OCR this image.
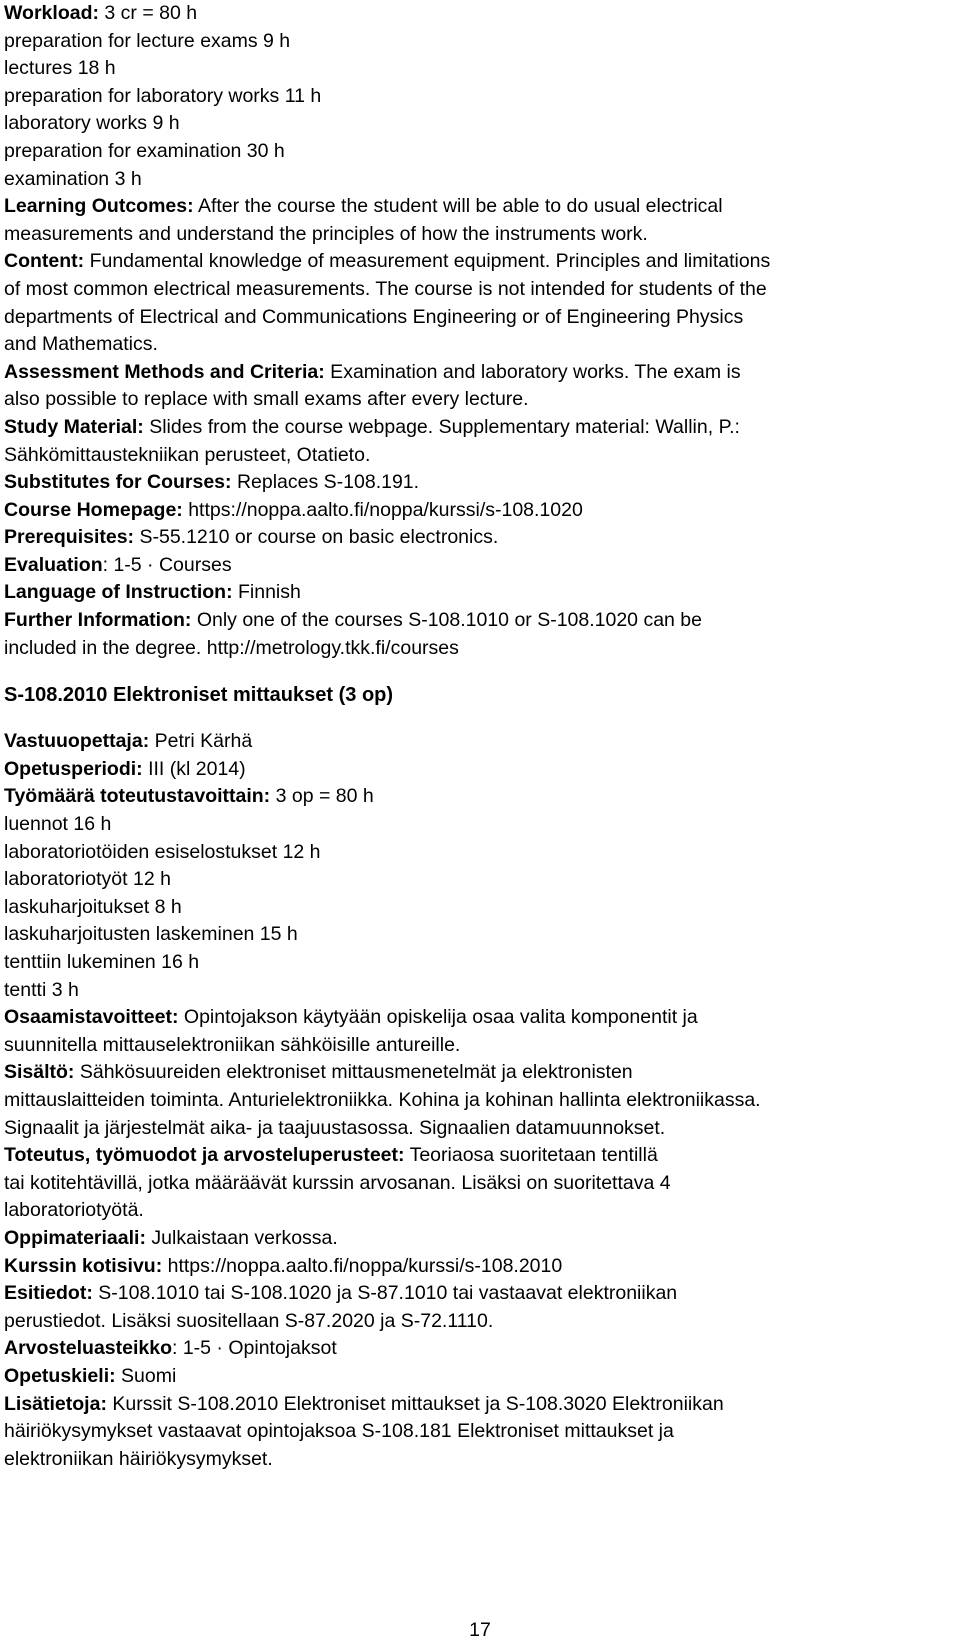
Workload: 3 cr = 80 h
preparation for lecture exams 9 h
lectures 18 h
preparation for laboratory works 11 h
laboratory works 9 h
preparation for examination 30 h
examination 3 h
Learning Outcomes: After the course the student will be able to do usual electrical
measurements and understand the principles of how the instruments work.
Content: Fundamental knowledge of measurement equipment. Principles and limitations
of most common electrical measurements. The course is not intended for students of the
departments of Electrical and Communications Engineering or of Engineering Physics
and Mathematics.
Assessment Methods and Criteria: Examination and laboratory works. The exam is
also possible to replace with small exams after every lecture.
Study Material: Slides from the course webpage. Supplementary material: Wallin, P.:
Sähkömittaustekniikan perusteet, Otatieto.
Substitutes for Courses: Replaces S-108.191.
Course Homepage: https://noppa.aalto.fi/noppa/kurssi/s-108.1020
Prerequisites: S-55.1210 or course on basic electronics.
Evaluation: 1-5 · Courses
Language of Instruction: Finnish
Further Information: Only one of the courses S-108.1010 or S-108.1020 can be
included in the degree. http://metrology.tkk.fi/courses
S-108.2010 Elektroniset mittaukset (3 op)
Vastuuopettaja: Petri Kärhä
Opetusperiodi: III (kl 2014)
Työmäärä toteutustavoittain: 3 op = 80 h
luennot 16 h
laboratoriotöiden esiselostukset 12 h
laboratoriotyöt 12 h
laskuharjoitukset 8 h
laskuharjoitusten laskeminen 15 h
tenttiin lukeminen 16 h
tentti 3 h
Osaamistavoitteet: Opintojakson käytyään opiskelija osaa valita komponentit ja
suunnitella mittauselektroniikan sähköisille antureille.
Sisältö: Sähkösuureiden elektroniset mittausmenetelmät ja elektronisten
mittauslaitteiden toiminta. Anturielektroniikka. Kohina ja kohinan hallinta elektroniikassa.
Signaalit ja järjestelmät aika- ja taajuustasossa. Signaalien datamuunnokset.
Toteutus, työmuodot ja arvosteluperusteet: Teoriaosa suoritetaan tentillä
tai kotitehtävillä, jotka määräävät kurssin arvosanan. Lisäksi on suoritettava 4
laboratoriotyötä.
Oppimateriaali: Julkaistaan verkossa.
Kurssin kotisivu: https://noppa.aalto.fi/noppa/kurssi/s-108.2010
Esitiedot: S-108.1010 tai S-108.1020 ja S-87.1010 tai vastaavat elektroniikan
perustiedot. Lisäksi suositellaan S-87.2020 ja S-72.1110.
Arvosteluasteikko: 1-5 · Opintojaksot
Opetuskieli: Suomi
Lisätietoja: Kurssit S-108.2010 Elektroniset mittaukset ja S-108.3020 Elektroniikan
häiriökysymykset vastaavat opintojaksoa S-108.181 Elektroniset mittaukset ja
elektroniikan häiriökysymykset.
17
